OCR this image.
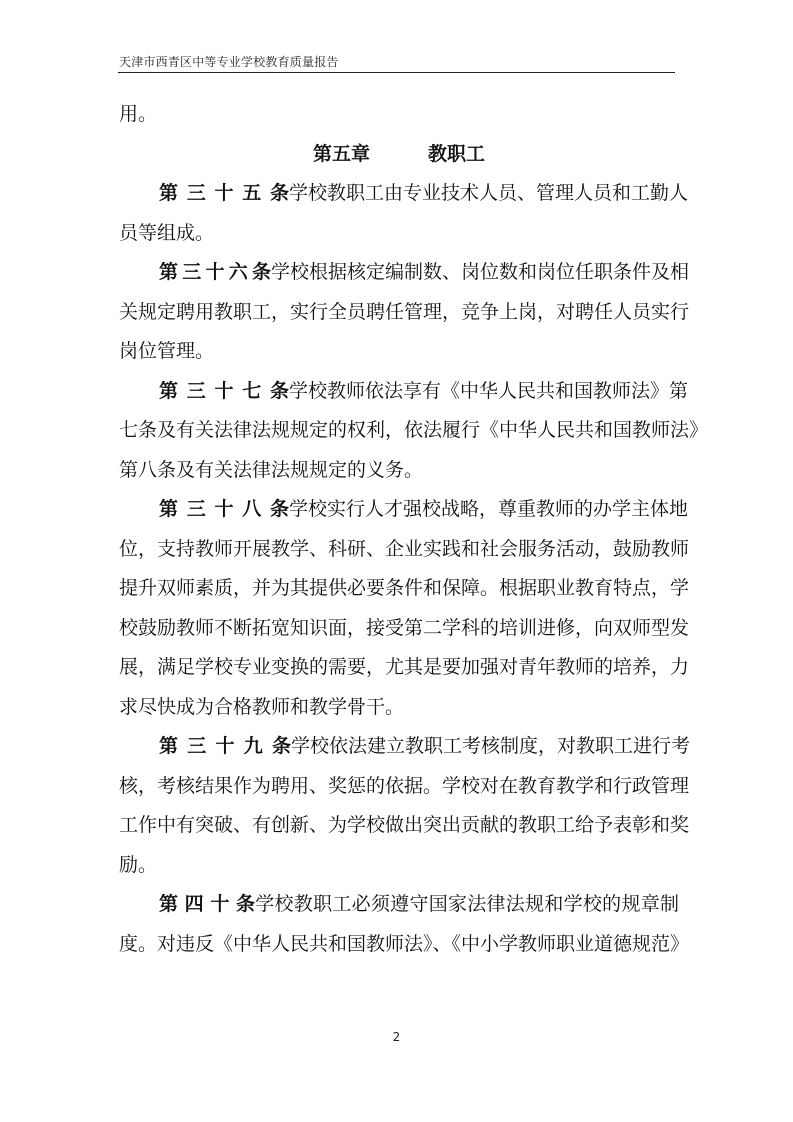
天津市西青区中等专业学校教育质量报告
用。
第五章	教职工
第三十五条学校教职工由专业技术人员、管理人员和工勤人
员等组成。
第三十六条学校根据核定编制数、岗位数和岗位任职条件及相
关规定聘用教职工，实行全员聘任管理，竞争上岗，对聘任人员实行
岗位管理。
第三十七条学校教师依法享有《中华人民共和国教师法》第
七条及有关法律法规规定的权利，依法履行《中华人民共和国教师法》
第八条及有关法律法规规定的义务。
第三十八条学校实行人才强校战略，尊重教师的办学主体地
位，支持教师开展教学、科研、企业实践和社会服务活动，鼓励教师
提升双师素质，并为其提供必要条件和保障。根据职业教育特点，学
校鼓励教师不断拓宽知识面，接受第二学科的培训进修，向双师型发
展，满足学校专业变换的需要，尤其是要加强对青年教师的培养，力
求尽快成为合格教师和教学骨干。
第三十九条学校依法建立教职工考核制度，对教职工进行考
核，考核结果作为聘用、奖惩的依据。学校对在教育教学和行政管理
工作中有突破、有创新、为学校做出突出贡献的教职工给予表彰和奖
励。
第四十条学校教职工必须遵守国家法律法规和学校的规章制
度。对违反《中华人民共和国教师法》、《中小学教师职业道德规范》
2
